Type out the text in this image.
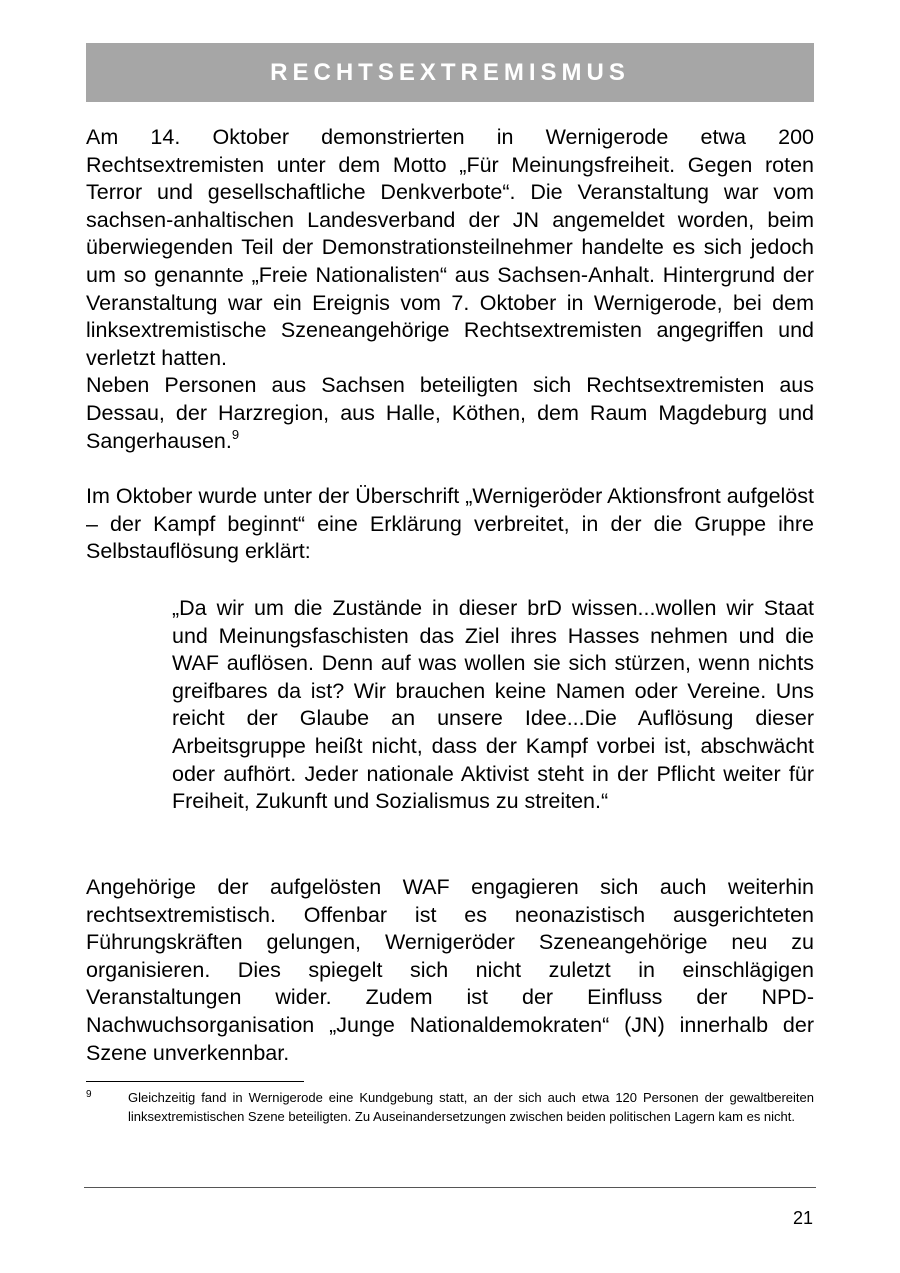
RECHTSEXTREMISMUS
Am 14. Oktober demonstrierten in Wernigerode etwa 200 Rechtsextremisten unter dem Motto „Für Meinungsfreiheit. Gegen roten Terror und gesellschaftliche Denkverbote“. Die Veranstaltung war vom sachsen-anhaltischen Landesverband der JN angemeldet worden, beim überwiegenden Teil der Demonstrationsteilnehmer handelte es sich jedoch um so genannte „Freie Nationalisten“ aus Sachsen-Anhalt. Hintergrund der Veranstaltung war ein Ereignis vom 7. Oktober in Wernigerode, bei dem linksextremistische Szeneangehörige Rechtsextremisten angegriffen und verletzt hatten.
Neben Personen aus Sachsen beteiligten sich Rechtsextremisten aus Dessau, der Harzregion, aus Halle, Köthen, dem Raum Magdeburg und Sangerhausen.$^9$

Im Oktober wurde unter der Überschrift „Wernigeröder Aktionsfront aufgelöst – der Kampf beginnt“ eine Erklärung verbreitet, in der die Gruppe ihre Selbstauflösung erklärt:

„Da wir um die Zustände in dieser brD wissen...wollen wir Staat und Meinungsfaschisten das Ziel ihres Hasses nehmen und die WAF auflösen. Denn auf was wollen sie sich stürzen, wenn nichts greifbares da ist? Wir brauchen keine Namen oder Vereine. Uns reicht der Glaube an unsere Idee...Die Auflösung dieser Arbeitsgruppe heißt nicht, dass der Kampf vorbei ist, abschwächt oder aufhört. Jeder nationale Aktivist steht in der Pflicht weiter für Freiheit, Zukunft und Sozialismus zu streiten.“

Angehörige der aufgelösten WAF engagieren sich auch weiterhin rechtsextremistisch. Offenbar ist es neonazistisch ausgerichteten Führungskräften gelungen, Wernigeröder Szeneangehörige neu zu organisieren. Dies spiegelt sich nicht zuletzt in einschlägigen Veranstaltungen wider. Zudem ist der Einfluss der NPD-Nachwuchsorganisation „Junge Nationaldemokraten“ (JN) innerhalb der Szene unverkennbar.

9	Gleichzeitig fand in Wernigerode eine Kundgebung statt, an der sich auch etwa 120 Personen der gewaltbereiten linksextremistischen Szene beteiligten. Zu Auseinandersetzungen zwischen beiden politischen Lagern kam es nicht.
21
